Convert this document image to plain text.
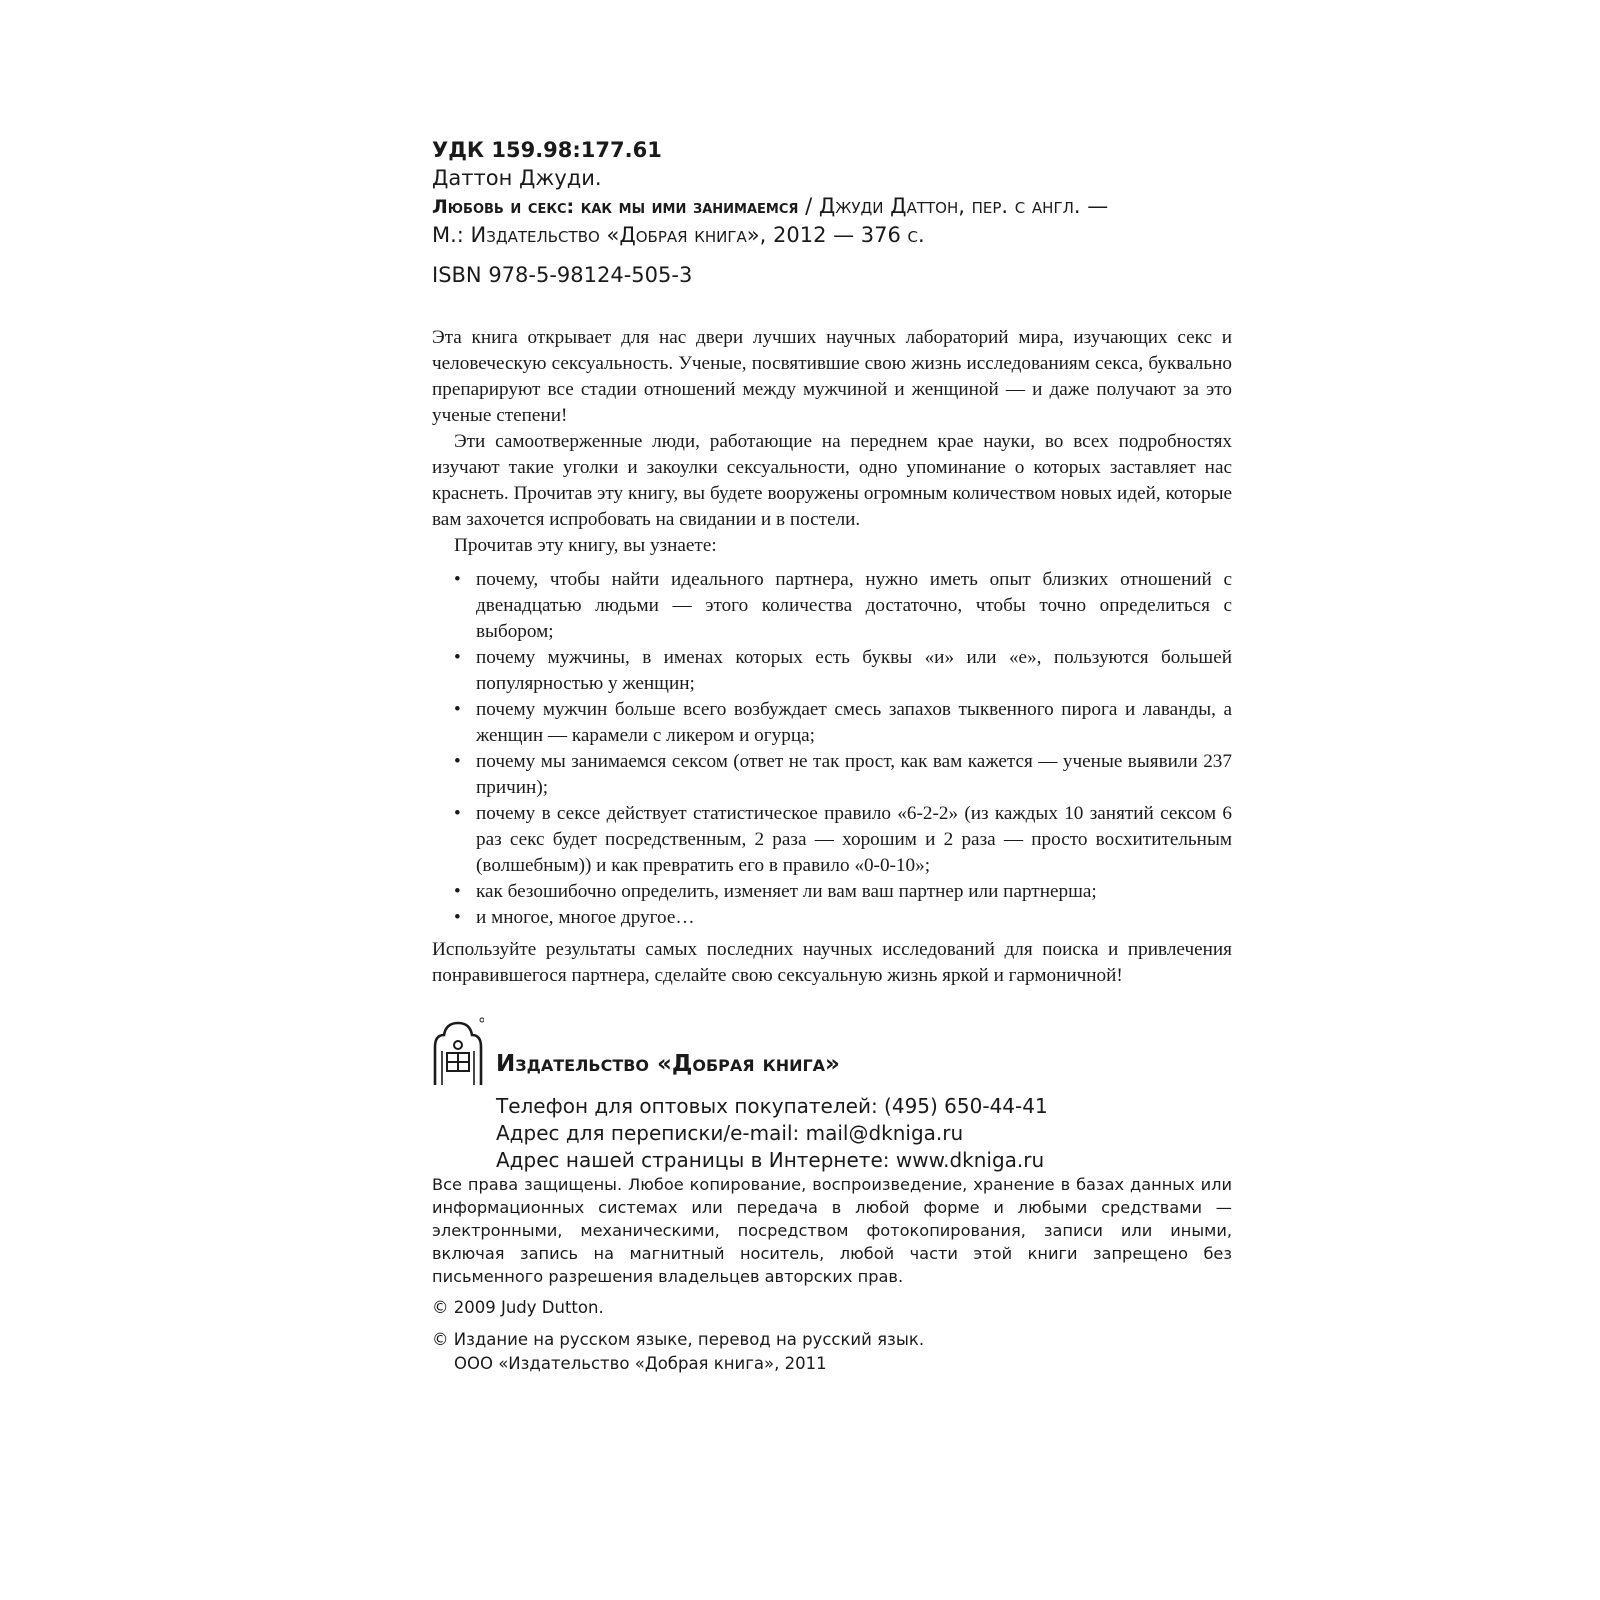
УДК 159.98:177.61
Даттон Джуди.
Любовь и секс: как мы ими занимаемся / Джуди Даттон, пер. с англ. —
М.: Издательство «Добрая книга», 2012 — 376 с.
ISBN 978-5-98124-505-3

Эта книга открывает для нас двери лучших научных лабораторий мира, изучающих секс и человеческую сексуальность. Ученые, посвятившие свою жизнь исследованиям секса, буквально препарируют все стадии отношений между мужчиной и женщиной — и даже получают за это ученые степени!

Эти самоотверженные люди, работающие на переднем крае науки, во всех подробностях изучают такие уголки и закоулки сексуальности, одно упоминание о которых заставляет нас краснеть. Прочитав эту книгу, вы будете вооружены огромным количеством новых идей, которые вам захочется испробовать на свидании и в постели.

Прочитав эту книгу, вы узнаете:

• почему, чтобы найти идеального партнера, нужно иметь опыт близких отношений с двенадцатью людьми — этого количества достаточно, чтобы точно определиться с выбором;
• почему мужчины, в именах которых есть буквы «и» или «е», пользуются большей популярностью у женщин;
• почему мужчин больше всего возбуждает смесь запахов тыквенного пирога и лаванды, а женщин — карамели с ликером и огурца;
• почему мы занимаемся сексом (ответ не так прост, как вам кажется — ученые выявили 237 причин);
• почему в сексе действует статистическое правило «6-2-2» (из каждых 10 занятий сексом 6 раз секс будет посредственным, 2 раза — хорошим и 2 раза — просто восхитительным (волшебным)) и как превратить его в правило «0-0-10»;
• как безошибочно определить, изменяет ли вам ваш партнер или партнерша;
• и многое, многое другое…

Используйте результаты самых последних научных исследований для поиска и привлечения понравившегося партнера, сделайте свою сексуальную жизнь яркой и гармоничной!

Издательство «Добрая книга»
Телефон для оптовых покупателей: (495) 650-44-41
Адрес для переписки/e-mail: mail@dkniga.ru
Адрес нашей страницы в Интернете: www.dkniga.ru
Все права защищены. Любое копирование, воспроизведение, хранение в базах данных или информационных системах или передача в любой форме и любыми средствами — электронными, механическими, посредством фотокопирования, записи или иными, включая запись на магнитный носитель, любой части этой книги запрещено без письменного разрешения владельцев авторских прав.
© 2009 Judy Dutton.
© Издание на русском языке, перевод на русский язык.
ООО «Издательство «Добрая книга», 2011
